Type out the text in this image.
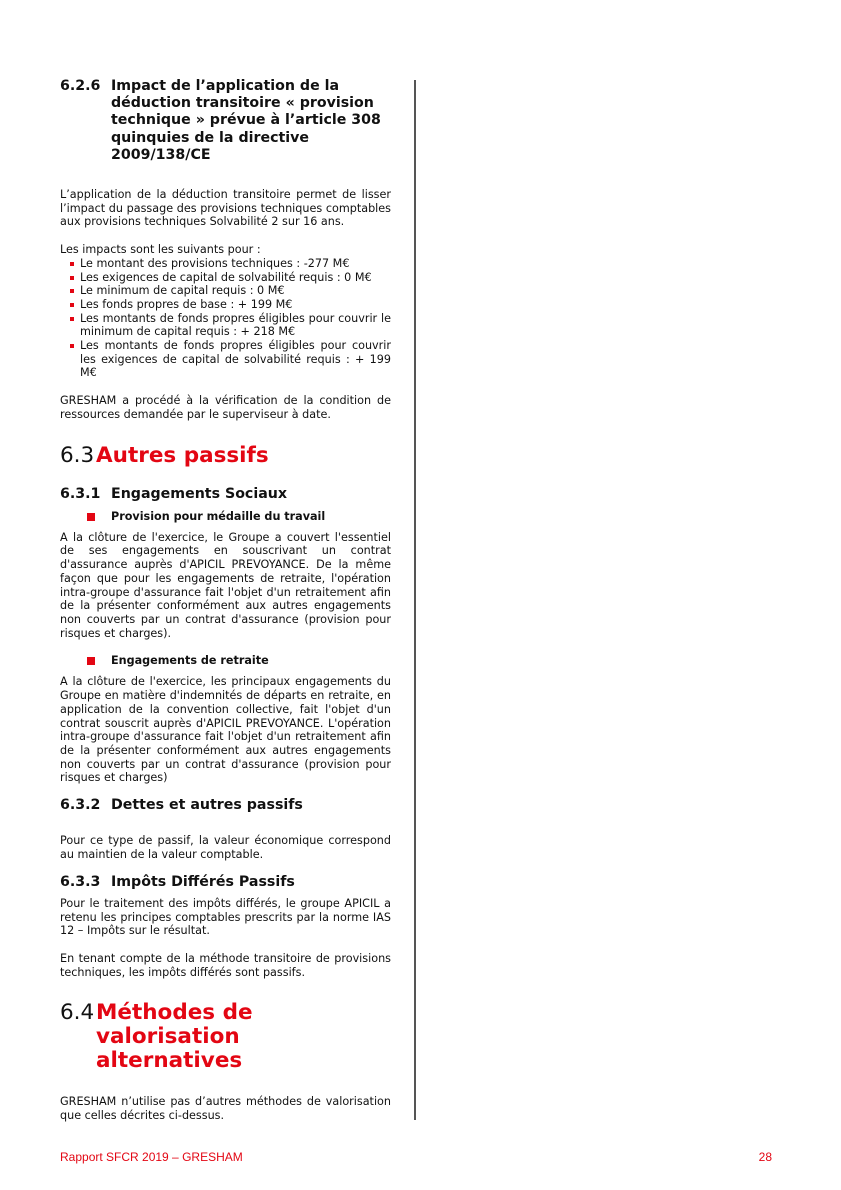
6.2.6 Impact de l’application de la
déduction transitoire « provision
technique » prévue à l’article 308
quinquies de la directive
2009/138/CE

L’application de la déduction transitoire permet de lisser l’impact du passage des provisions techniques comptables aux provisions techniques Solvabilité 2 sur 16 ans.

Les impacts sont les suivants pour :

Le montant des provisions techniques : -277 M€
Les exigences de capital de solvabilité requis : 0 M€
Le minimum de capital requis : 0 M€
Les fonds propres de base : + 199 M€
Les montants de fonds propres éligibles pour couvrir le minimum de capital requis : + 218 M€
Les montants de fonds propres éligibles pour couvrir les exigences de capital de solvabilité requis : + 199 M€

GRESHAM a procédé à la vérification de la condition de ressources demandée par le superviseur à date.

6.3 Autres passifs
6.3.1 Engagements Sociaux
Provision pour médaille du travail

A la clôture de l'exercice, le Groupe a couvert l'essentiel de ses engagements en souscrivant un contrat d'assurance auprès d'APICIL PREVOYANCE. De la même façon que pour les engagements de retraite, l'opération intra-groupe d'assurance fait l'objet d'un retraitement afin de la présenter conformément aux autres engagements non couverts par un contrat d'assurance (provision pour risques et charges).

Engagements de retraite

A la clôture de l'exercice, les principaux engagements du Groupe en matière d'indemnités de départs en retraite, en application de la convention collective, fait l'objet d'un contrat souscrit auprès d'APICIL PREVOYANCE. L'opération intra-groupe d'assurance fait l'objet d'un retraitement afin de la présenter conformément aux autres engagements non couverts par un contrat d'assurance (provision pour risques et charges)

6.3.2 Dettes et autres passifs

Pour ce type de passif, la valeur économique correspond au maintien de la valeur comptable.

6.3.3 Impôts Différés Passifs

Pour le traitement des impôts différés, le groupe APICIL a retenu les principes comptables prescrits par la norme IAS 12 – Impôts sur le résultat.

En tenant compte de la méthode transitoire de provisions techniques, les impôts différés sont passifs.

6.4 Méthodes de valorisation
alternatives

GRESHAM n’utilise pas d’autres méthodes de valorisation que celles décrites ci-dessus.

Rapport SFCR 2019 – GRESHAM	28
